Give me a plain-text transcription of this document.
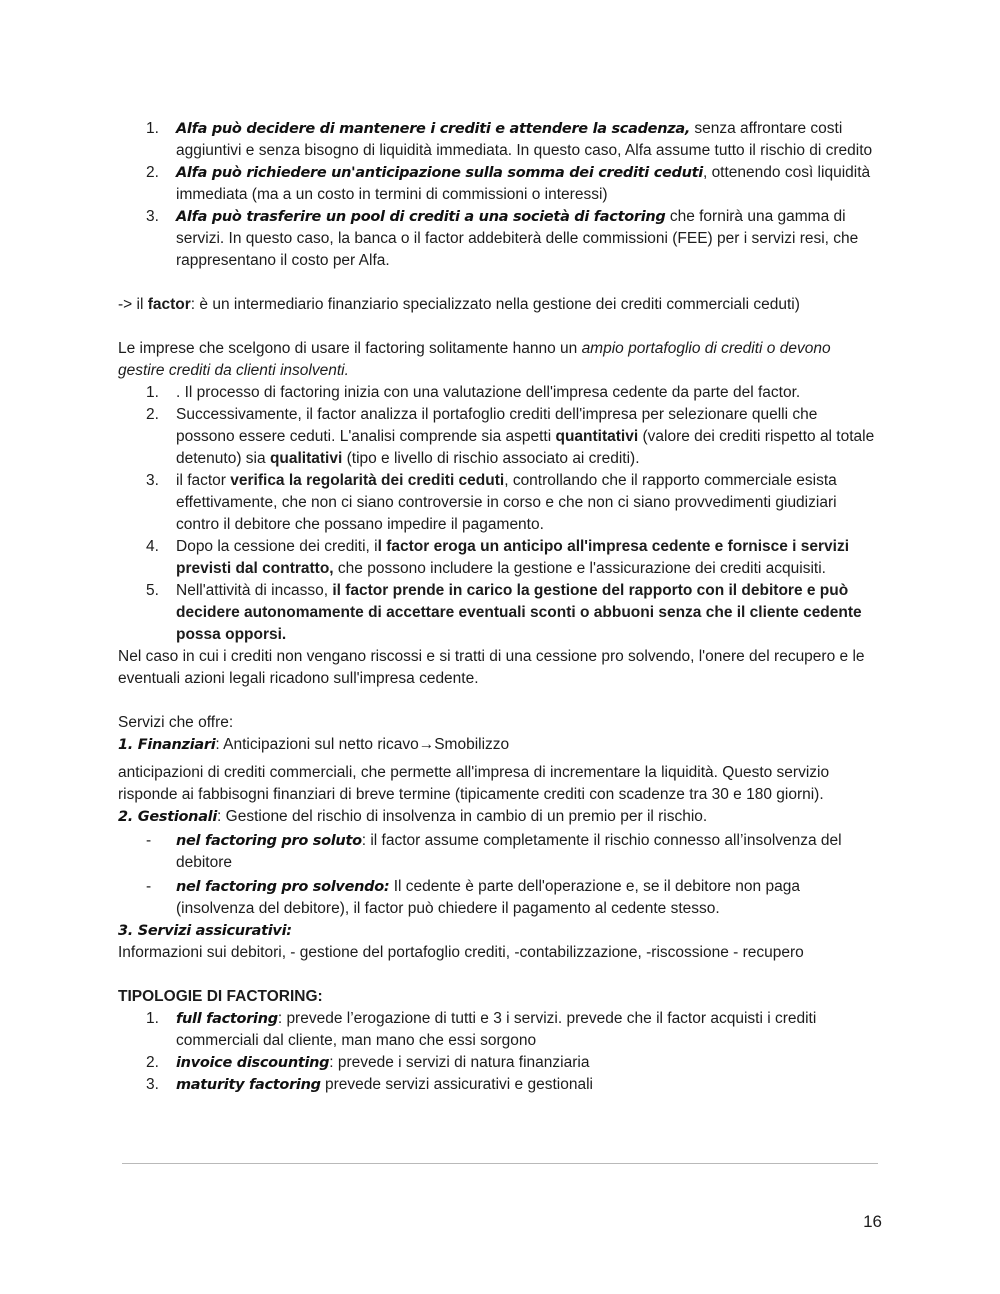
1. Alfa può decidere di mantenere i crediti e attendere la scadenza, senza affrontare costi aggiuntivi e senza bisogno di liquidità immediata. In questo caso, Alfa assume tutto il rischio di credito
2. Alfa può richiedere un'anticipazione sulla somma dei crediti ceduti, ottenendo così liquidità immediata (ma a un costo in termini di commissioni o interessi)
3. Alfa può trasferire un pool di crediti a una società di factoring che fornirà una gamma di servizi. In questo caso, la banca o il factor addebiterà delle commissioni (FEE) per i servizi resi, che rappresentano il costo per Alfa.

-> il factor: è un intermediario finanziario specializzato nella gestione dei crediti commerciali ceduti)

Le imprese che scelgono di usare il factoring solitamente hanno un ampio portafoglio di crediti o devono gestire crediti da clienti insolventi.

1. . Il processo di factoring inizia con una valutazione dell'impresa cedente da parte del factor.
2. Successivamente, il factor analizza il portafoglio crediti dell'impresa per selezionare quelli che possono essere ceduti. L'analisi comprende sia aspetti quantitativi (valore dei crediti rispetto al totale detenuto) sia qualitativi (tipo e livello di rischio associato ai crediti).
3. il factor verifica la regolarità dei crediti ceduti, controllando che il rapporto commerciale esista effettivamente, che non ci siano controversie in corso e che non ci siano provvedimenti giudiziari contro il debitore che possano impedire il pagamento.
4. Dopo la cessione dei crediti, il factor eroga un anticipo all'impresa cedente e fornisce i servizi previsti dal contratto, che possono includere la gestione e l'assicurazione dei crediti acquisiti.
5. Nell'attività di incasso, il factor prende in carico la gestione del rapporto con il debitore e può decidere autonomamente di accettare eventuali sconti o abbuoni senza che il cliente cedente possa opporsi.

Nel caso in cui i crediti non vengano riscossi e si tratti di una cessione pro solvendo, l'onere del recupero e le eventuali azioni legali ricadono sull'impresa cedente.

Servizi che offre:

1. Finanziari: Anticipazioni sul netto ricavo→Smobilizzo

anticipazioni di crediti commerciali, che permette all'impresa di incrementare la liquidità. Questo servizio risponde ai fabbisogni finanziari di breve termine (tipicamente crediti con scadenze tra 30 e 180 giorni).

2. Gestionali: Gestione del rischio di insolvenza in cambio di un premio per il rischio.

- nel factoring pro soluto: il factor assume completamente il rischio connesso all’insolvenza del debitore
- nel factoring pro solvendo: Il cedente è parte dell'operazione e, se il debitore non paga (insolvenza del debitore), il factor può chiedere il pagamento al cedente stesso.

3. Servizi assicurativi:

Informazioni sui debitori, - gestione del portafoglio crediti, -contabilizzazione, -riscossione - recupero

TIPOLOGIE DI FACTORING:

1. full factoring: prevede l’erogazione di tutti e 3 i servizi. prevede che il factor acquisti i crediti commerciali dal cliente, man mano che essi sorgono
2. invoice discounting: prevede i servizi di natura finanziaria
3. maturity factoring prevede servizi assicurativi e gestionali
16
